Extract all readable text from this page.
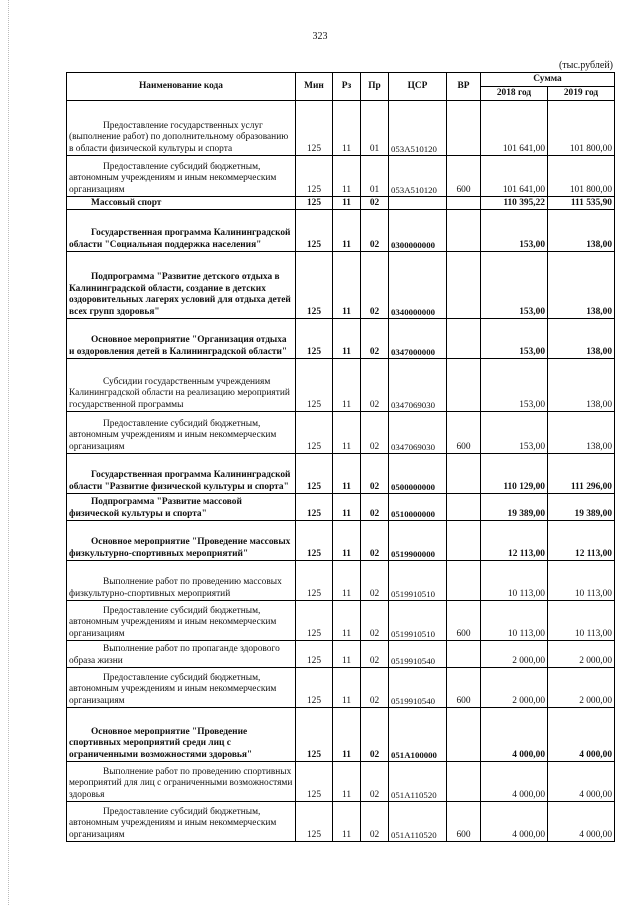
323
(тыс.рублей)
Наименование кода	Мин	Рз	Пр	ЦСР	ВР	Сумма	
						2018 год	2019 год
Предоставление государственных услуг (выполнение работ) по дополнительному образованию в области физической культуры и спорта	125	11	01	053A510120		101 641,00	101 800,00
Предоставление субсидий бюджетным, автономным учреждениям и иным некоммерческим организациям	125	11	01	053A510120	600	101 641,00	101 800,00
Массовый спорт	125	11	02			110 395,22	111 535,90
Государственная программа Калининградской области "Социальная поддержка населения"	125	11	02	0300000000		153,00	138,00
Подпрограмма "Развитие детского отдыха в Калининградской области, создание в детских оздоровительных лагерях условий для отдыха детей всех групп здоровья"	125	11	02	0340000000		153,00	138,00
Основное мероприятие "Организация отдыха и оздоровления детей в Калининградской области"	125	11	02	0347000000		153,00	138,00
Субсидии государственным учреждениям Калининградской области на реализацию мероприятий государственной программы	125	11	02	0347069030		153,00	138,00
Предоставление субсидий бюджетным, автономным учреждениям и иным некоммерческим организациям	125	11	02	0347069030	600	153,00	138,00
Государственная программа Калининградской области "Развитие физической культуры и спорта"	125	11	02	0500000000		110 129,00	111 296,00
Подпрограмма "Развитие массовой физической культуры и спорта"	125	11	02	0510000000		19 389,00	19 389,00
Основное мероприятие "Проведение массовых физкультурно-спортивных мероприятий"	125	11	02	0519900000		12 113,00	12 113,00
Выполнение работ по проведению массовых физкультурно-спортивных мероприятий	125	11	02	0519910510		10 113,00	10 113,00
Предоставление субсидий бюджетным, автономным учреждениям и иным некоммерческим организациям	125	11	02	0519910510	600	10 113,00	10 113,00
Выполнение работ по пропаганде здорового образа жизни	125	11	02	0519910540		2 000,00	2 000,00
Предоставление субсидий бюджетным, автономным учреждениям и иным некоммерческим организациям	125	11	02	0519910540	600	2 000,00	2 000,00
Основное мероприятие "Проведение спортивных мероприятий среди лиц с ограниченными возможностями здоровья"	125	11	02	051A100000		4 000,00	4 000,00
Выполнение работ по проведению спортивных мероприятий для лиц с ограниченными возможностями здоровья	125	11	02	051A110520		4 000,00	4 000,00
Предоставление субсидий бюджетным, автономным учреждениям и иным некоммерческим организациям	125	11	02	051A110520	600	4 000,00	4 000,00
